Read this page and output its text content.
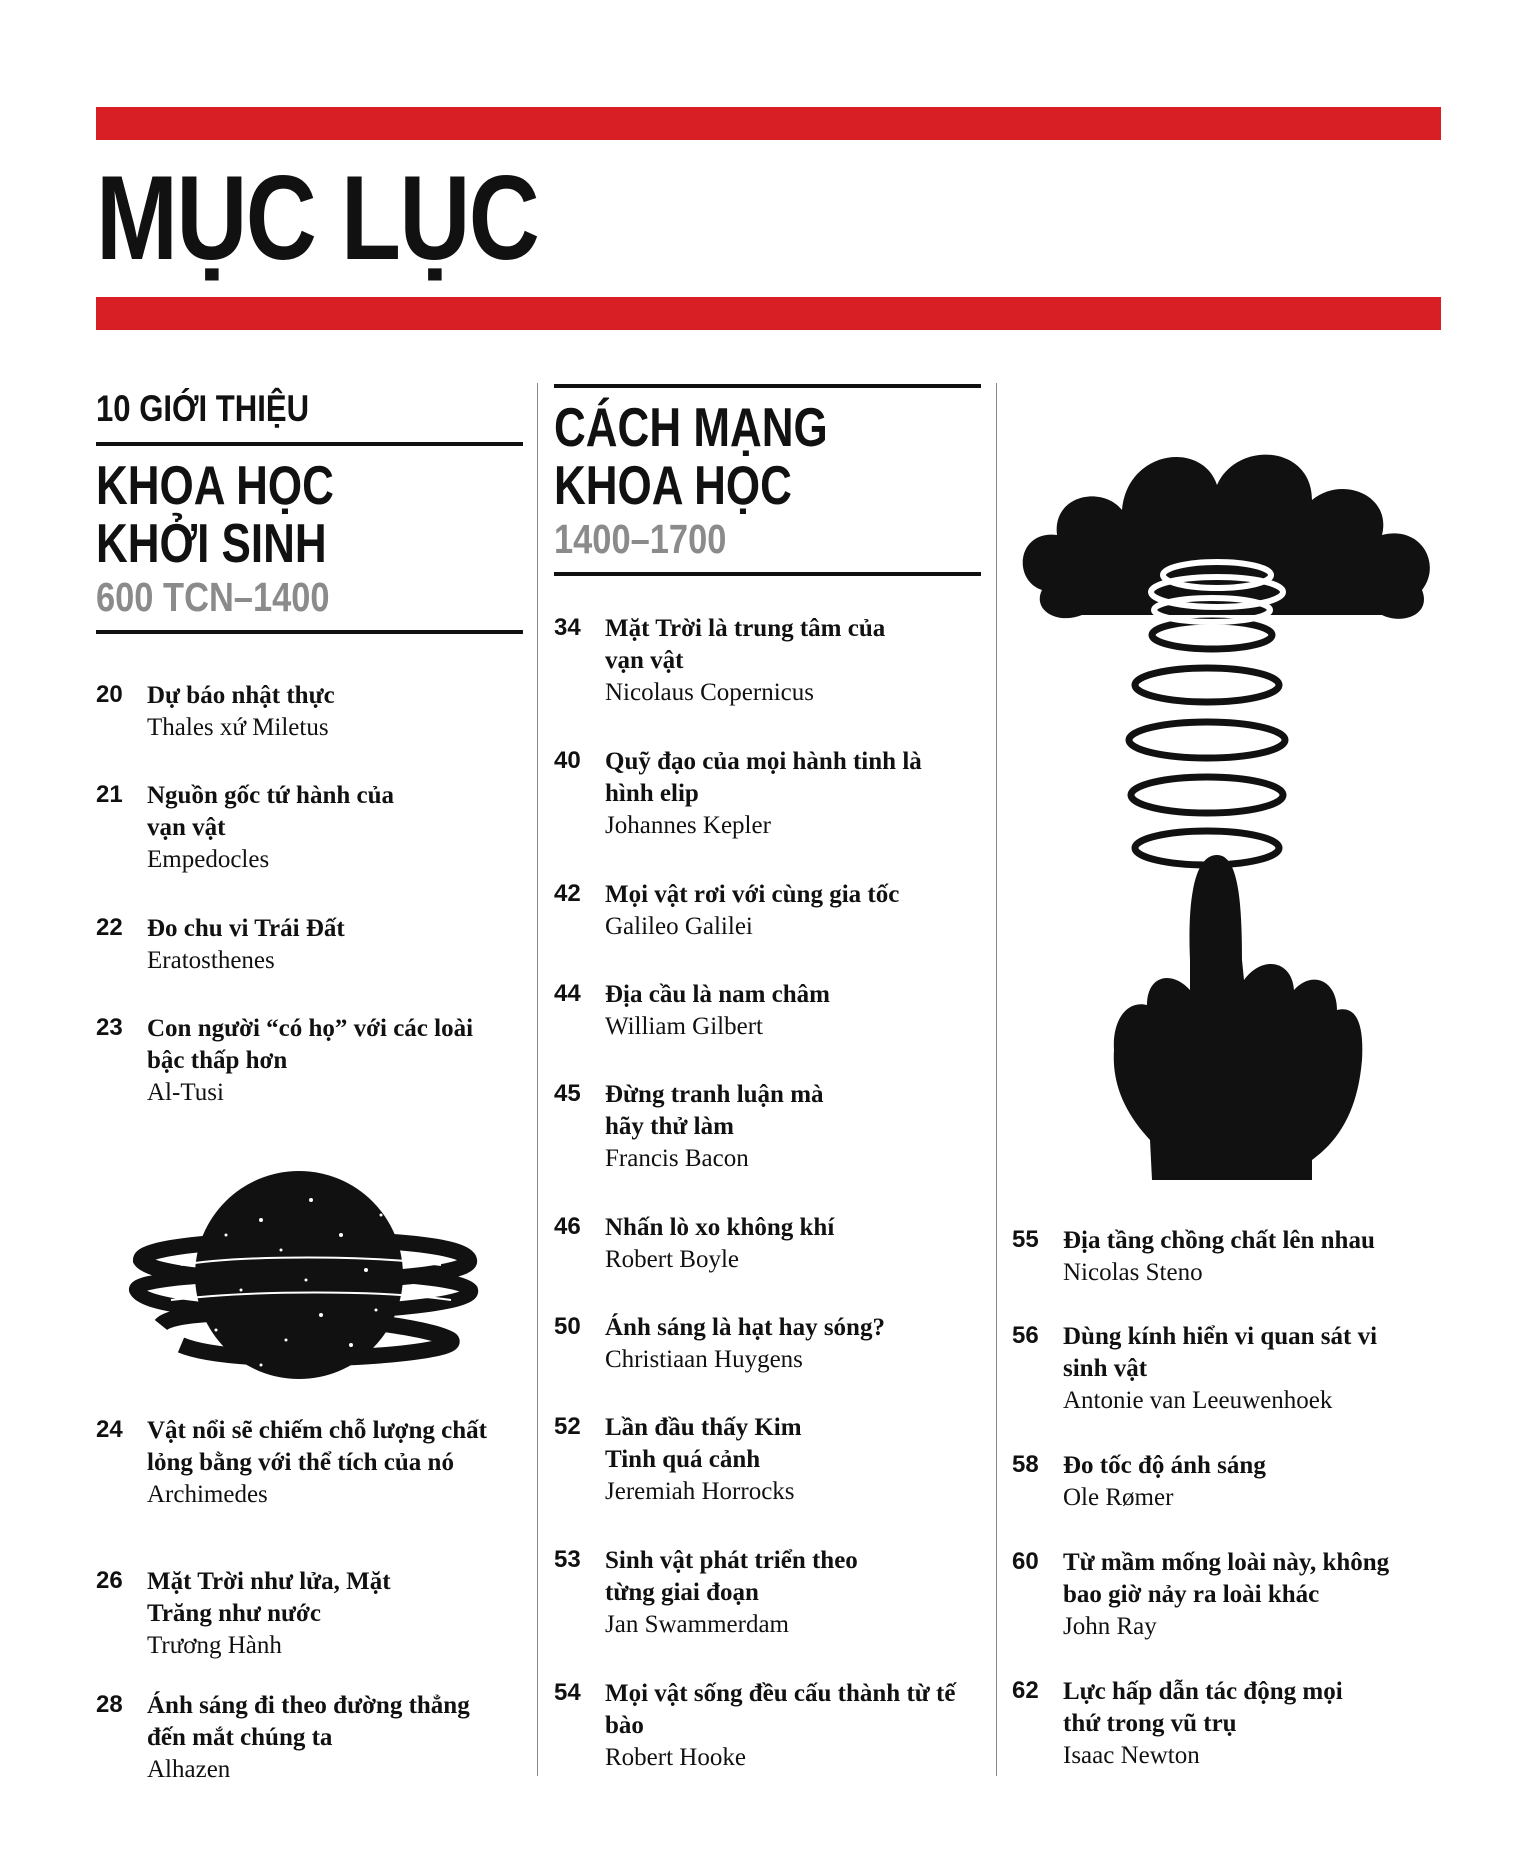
MỤC LỤC
10 GIỚI THIỆU
KHOA HỌC
KHỞI SINH
600 TCN–1400
20 Dự báo nhật thực
Thales xứ Miletus
21 Nguồn gốc tứ hành của vạn vật
Empedocles
22 Đo chu vi Trái Đất
Eratosthenes
23 Con người “có họ” với các loài bậc thấp hơn
Al-Tusi
24 Vật nổi sẽ chiếm chỗ lượng chất lỏng bằng với thể tích của nó
Archimedes
26 Mặt Trời như lửa, Mặt Trăng như nước
Trương Hành
28 Ánh sáng đi theo đường thẳng đến mắt chúng ta
Alhazen
CÁCH MẠNG
KHOA HỌC
1400–1700
34 Mặt Trời là trung tâm của vạn vật
Nicolaus Copernicus
40 Quỹ đạo của mọi hành tinh là hình elip
Johannes Kepler
42 Mọi vật rơi với cùng gia tốc
Galileo Galilei
44 Địa cầu là nam châm
William Gilbert
45 Đừng tranh luận mà hãy thử làm
Francis Bacon
46 Nhấn lò xo không khí
Robert Boyle
50 Ánh sáng là hạt hay sóng?
Christiaan Huygens
52 Lần đầu thấy Kim Tinh quá cảnh
Jeremiah Horrocks
53 Sinh vật phát triển theo từng giai đoạn
Jan Swammerdam
54 Mọi vật sống đều cấu thành từ tế bào
Robert Hooke
55 Địa tầng chồng chất lên nhau
Nicolas Steno
56 Dùng kính hiển vi quan sát vi sinh vật
Antonie van Leeuwenhoek
58 Đo tốc độ ánh sáng
Ole Rømer
60 Từ mầm mống loài này, không bao giờ nảy ra loài khác
John Ray
62 Lực hấp dẫn tác động mọi thứ trong vũ trụ
Isaac Newton
